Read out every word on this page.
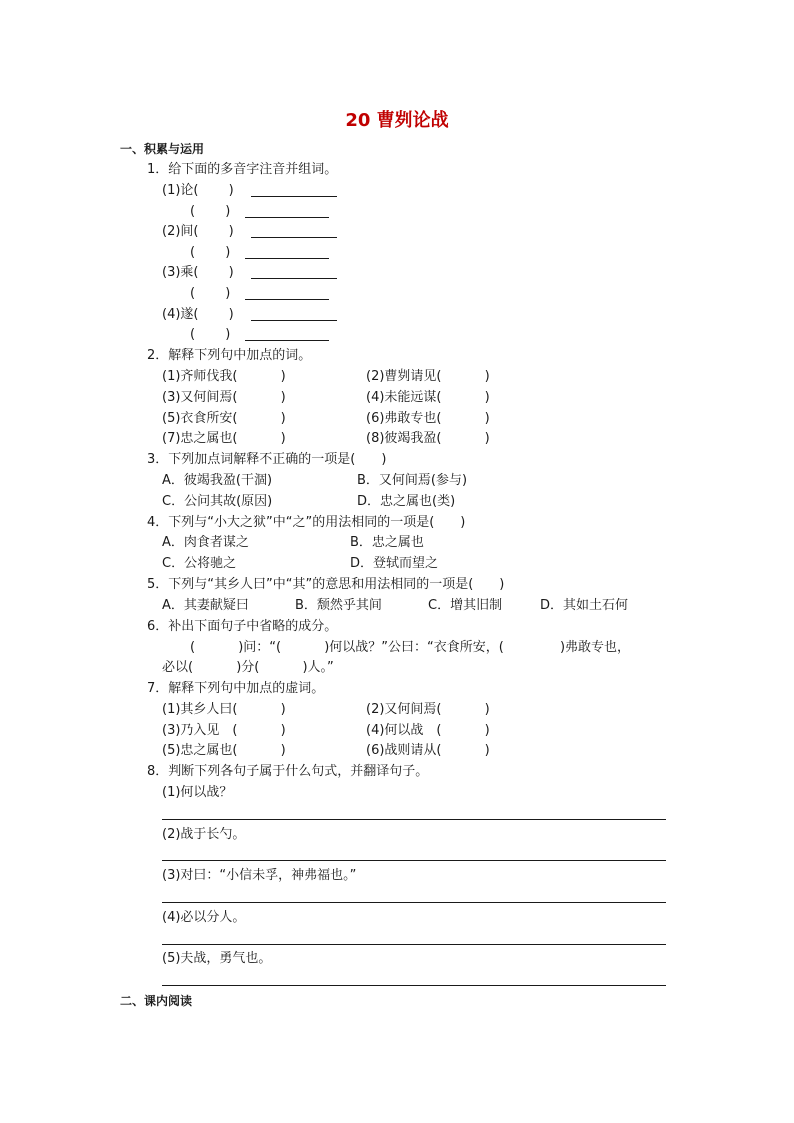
20 曹刿论战
一、积累与运用
1．给下面的多音字注音并组词。
(1)论(　　 )
(　　 )
(2)间(　　 )
(　　 )
(3)乘(　　 )
(　　 )
(4)遂(　　 )
(　　 )
2．解释下列句中加点的词。
(1)齐师伐我(　　　 )	(2)曹刿请见(　　　 )
(3)又何间焉(　　　 )	(4)未能远谋(　　　 )
(5)衣食所安(　　　 )	(6)弗敢专也(　　　 )
(7)忠之属也(　　　 )	(8)彼竭我盈(　　　 )
3．下列加点词解释不正确的一项是(　　)
A．彼竭我盈(干涸)	B．又何间焉(参与)
C．公问其故(原因)	D．忠之属也(类)
4．下列与“小大之狱”中“之”的用法相同的一项是(　　)
A．肉食者谋之	B．忠之属也
C．公将驰之	D．登轼而望之
5．下列与“其乡人曰”中“其”的意思和用法相同的一项是(　　)
A．其妻献疑曰	B．颓然乎其间	C．增其旧制	D．其如土石何
6．补出下面句子中省略的成分。
(　　　 )问：“(　　　 )何以战？”公曰：“衣食所安，(　　　　 )弗敢专也，
必以(　　　 )分(　　　 )人。”
7．解释下列句中加点的虚词。
(1)其乡人曰(　　　 )	(2)又何间焉(　　　 )
(3)乃入见　(　　　 )	(4)何以战　(　　　 )
(5)忠之属也(　　　 )	(6)战则请从(　　　 )
8．判断下列各句子属于什么句式，并翻译句子。
(1)何以战？
(2)战于长勺。
(3)对曰：“小信未孚，神弗福也。”
(4)必以分人。
(5)夫战，勇气也。
二、课内阅读
